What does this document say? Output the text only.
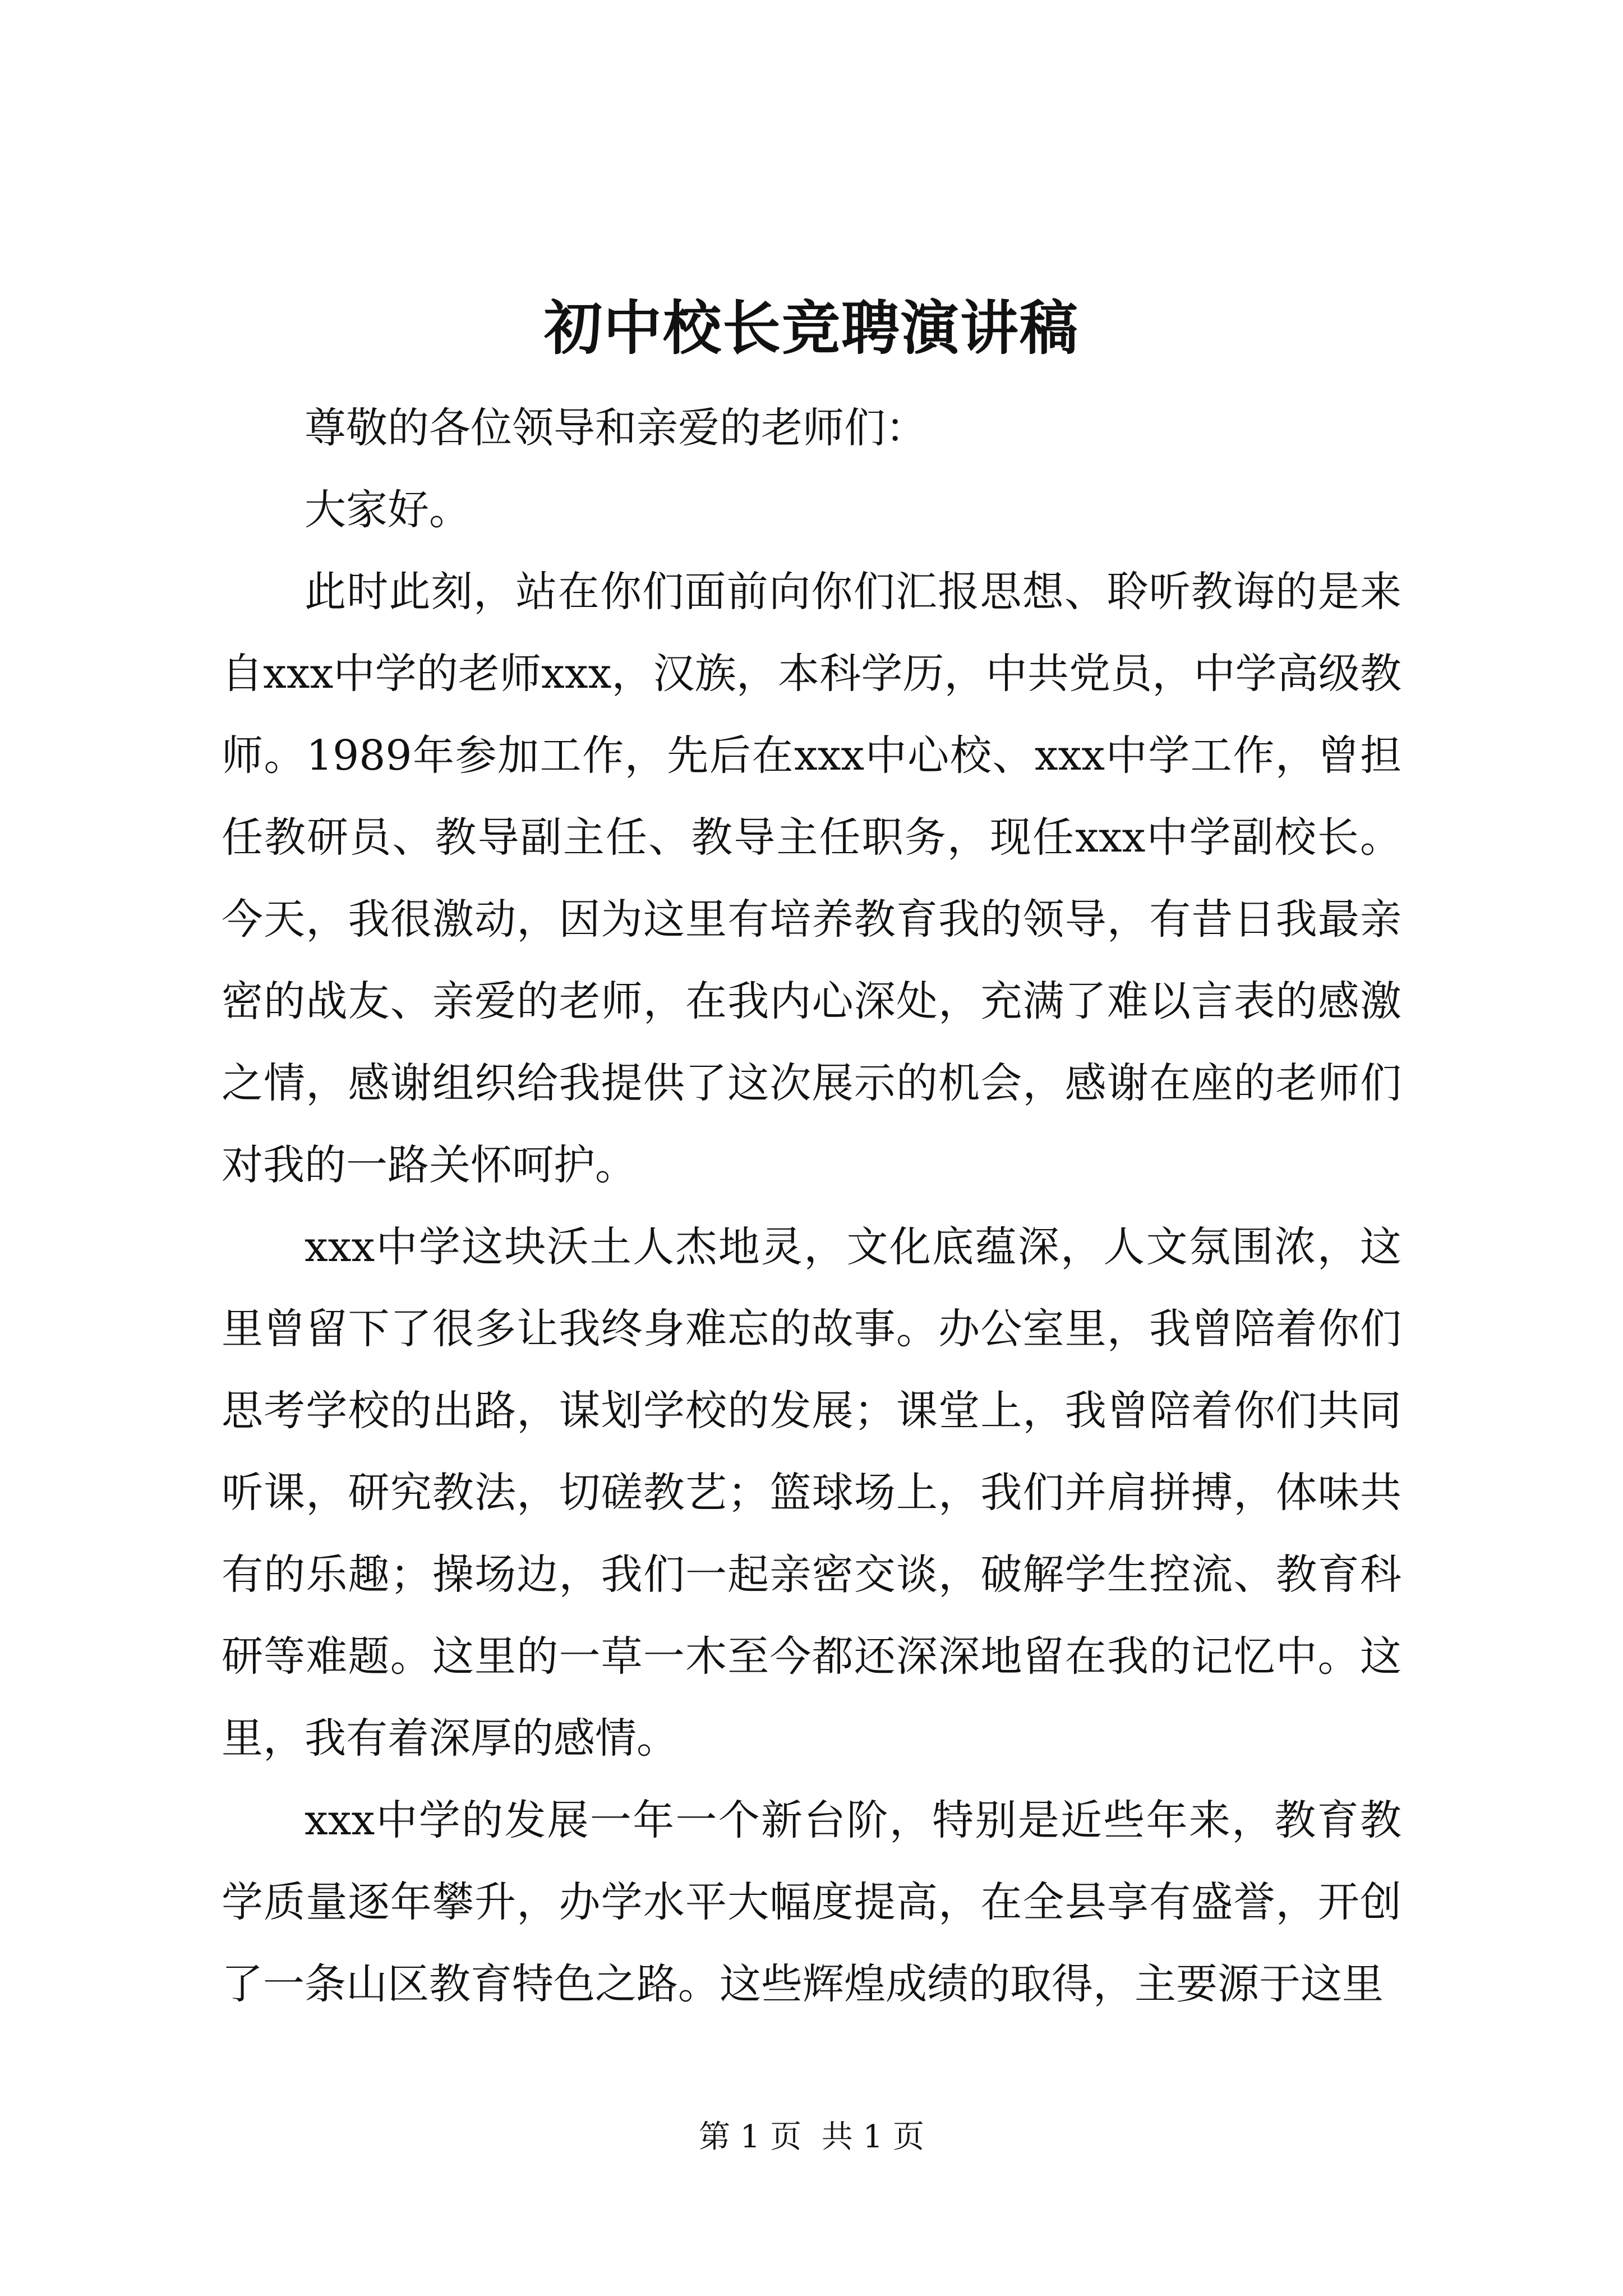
初中校长竞聘演讲稿

尊敬的各位领导和亲爱的老师们：

大家好。

此时此刻，站在你们面前向你们汇报思想、聆听教诲的是来自xxx中学的老师xxx，汉族，本科学历，中共党员，中学高级教师。1989年参加工作，先后在xxx中心校、xxx中学工作，曾担任教研员、教导副主任、教导主任职务，现任xxx中学副校长。今天，我很激动，因为这里有培养教育我的领导，有昔日我最亲密的战友、亲爱的老师，在我内心深处，充满了难以言表的感激之情，感谢组织给我提供了这次展示的机会，感谢在座的老师们对我的一路关怀呵护。

xxx中学这块沃土人杰地灵，文化底蕴深，人文氛围浓，这里曾留下了很多让我终身难忘的故事。办公室里，我曾陪着你们思考学校的出路，谋划学校的发展；课堂上，我曾陪着你们共同听课，研究教法，切磋教艺；篮球场上，我们并肩拼搏，体味共有的乐趣；操场边，我们一起亲密交谈，破解学生控流、教育科研等难题。这里的一草一木至今都还深深地留在我的记忆中。这里，我有着深厚的感情。

xxx中学的发展一年一个新台阶，特别是近些年来，教育教学质量逐年攀升，办学水平大幅度提高，在全县享有盛誉，开创了一条山区教育特色之路。这些辉煌成绩的取得，主要源于这里

第 1 页  共 1 页
